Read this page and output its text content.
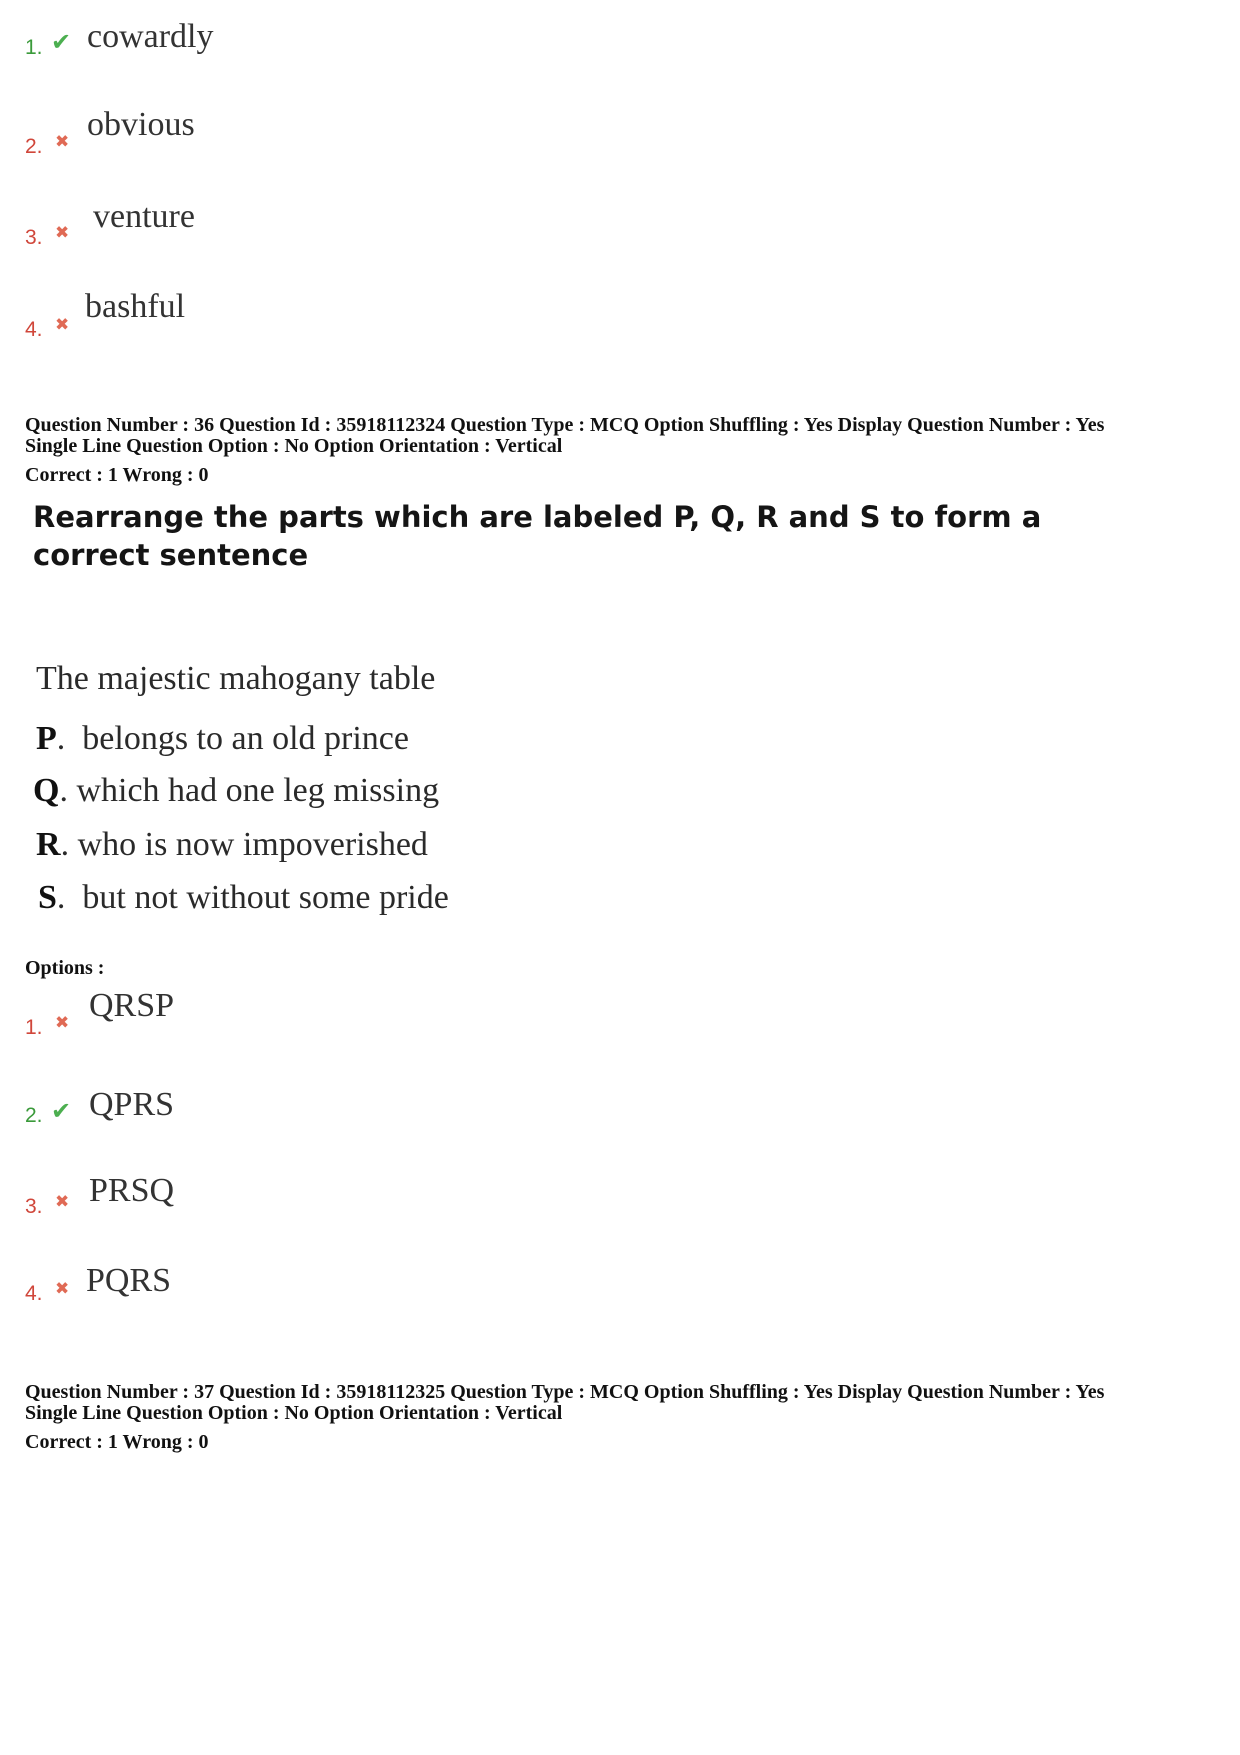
1. ✔ cowardly
2. ✖ obvious
3. ✖ venture
4. ✖ bashful
Question Number : 36 Question Id : 35918112324 Question Type : MCQ Option Shuffling : Yes Display Question Number : Yes
Single Line Question Option : No Option Orientation : Vertical
Correct : 1 Wrong : 0
Rearrange the parts which are labeled P, Q, R and S to form a correct sentence
The majestic mahogany table
P.  belongs to an old prince
Q. which had one leg missing
R. who is now impoverished
S.  but not without some pride
Options :
1. ✖ QRSP
2. ✔ QPRS
3. ✖ PRSQ
4. ✖ PQRS
Question Number : 37 Question Id : 35918112325 Question Type : MCQ Option Shuffling : Yes Display Question Number : Yes
Single Line Question Option : No Option Orientation : Vertical
Correct : 1 Wrong : 0
